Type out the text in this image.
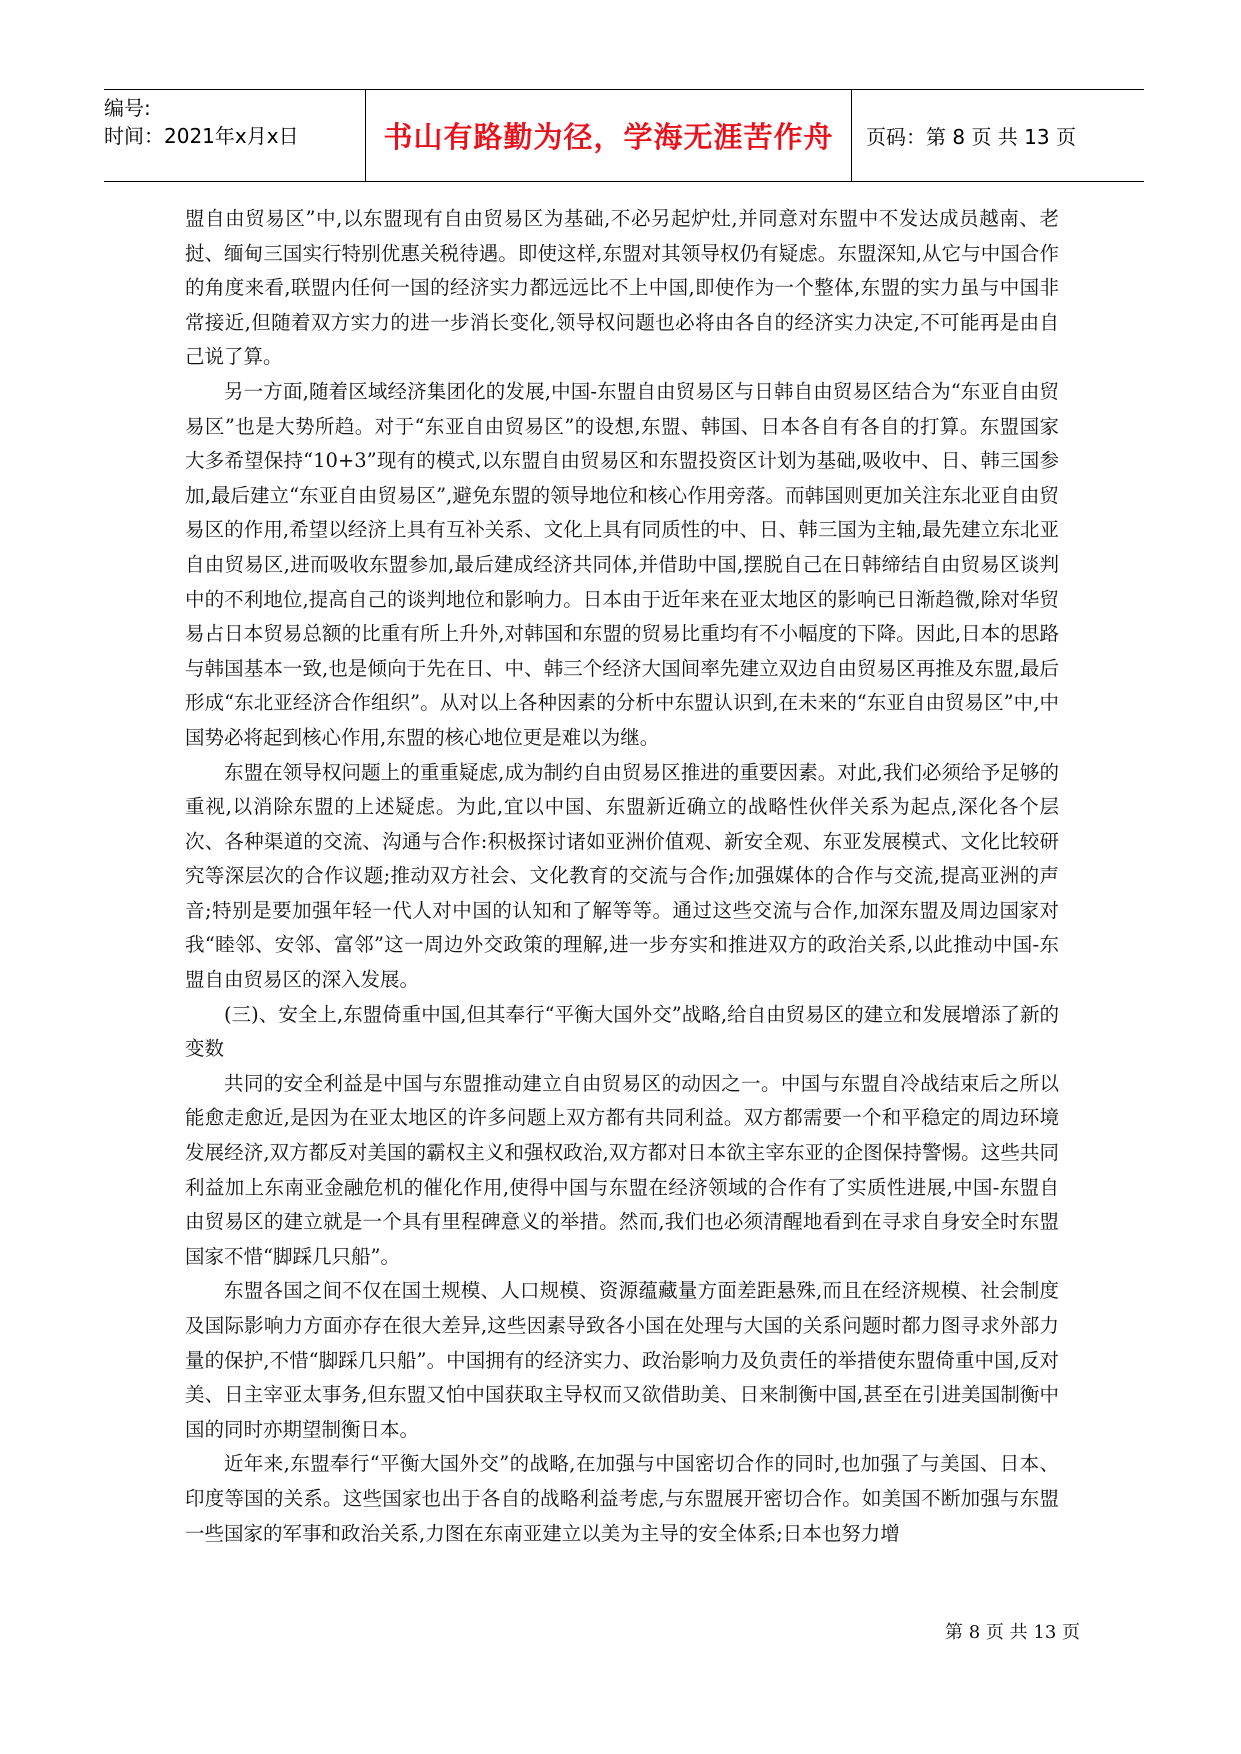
编号:
时间：2021年x月x日	书山有路勤为径，学海无涯苦作舟	页码：第 8 页 共 13 页

盟自由贸易区”中,以东盟现有自由贸易区为基础,不必另起炉灶,并同意对东盟中不发达成员越南、老挝、缅甸三国实行特别优惠关税待遇。即使这样,东盟对其领导权仍有疑虑。东盟深知,从它与中国合作的角度来看,联盟内任何一国的经济实力都远远比不上中国,即使作为一个整体,东盟的实力虽与中国非常接近,但随着双方实力的进一步消长变化,领导权问题也必将由各自的经济实力决定,不可能再是由自己说了算。

另一方面,随着区域经济集团化的发展,中国-东盟自由贸易区与日韩自由贸易区结合为“东亚自由贸易区”也是大势所趋。对于“东亚自由贸易区”的设想,东盟、韩国、日本各自有各自的打算。东盟国家大多希望保持“10+3”现有的模式,以东盟自由贸易区和东盟投资区计划为基础,吸收中、日、韩三国参加,最后建立“东亚自由贸易区”,避免东盟的领导地位和核心作用旁落。而韩国则更加关注东北亚自由贸易区的作用,希望以经济上具有互补关系、文化上具有同质性的中、日、韩三国为主轴,最先建立东北亚自由贸易区,进而吸收东盟参加,最后建成经济共同体,并借助中国,摆脱自己在日韩缔结自由贸易区谈判中的不利地位,提高自己的谈判地位和影响力。日本由于近年来在亚太地区的影响已日渐趋微,除对华贸易占日本贸易总额的比重有所上升外,对韩国和东盟的贸易比重均有不小幅度的下降。因此,日本的思路与韩国基本一致,也是倾向于先在日、中、韩三个经济大国间率先建立双边自由贸易区再推及东盟,最后形成“东北亚经济合作组织”。从对以上各种因素的分析中东盟认识到,在未来的“东亚自由贸易区”中,中国势必将起到核心作用,东盟的核心地位更是难以为继。

东盟在领导权问题上的重重疑虑,成为制约自由贸易区推进的重要因素。对此,我们必须给予足够的重视,以消除东盟的上述疑虑。为此,宜以中国、东盟新近确立的战略性伙伴关系为起点,深化各个层次、各种渠道的交流、沟通与合作:积极探讨诸如亚洲价值观、新安全观、东亚发展模式、文化比较研究等深层次的合作议题;推动双方社会、文化教育的交流与合作;加强媒体的合作与交流,提高亚洲的声音;特别是要加强年轻一代人对中国的认知和了解等等。通过这些交流与合作,加深东盟及周边国家对我“睦邻、安邻、富邻”这一周边外交政策的理解,进一步夯实和推进双方的政治关系,以此推动中国-东盟自由贸易区的深入发展。

(三)、安全上,东盟倚重中国,但其奉行“平衡大国外交”战略,给自由贸易区的建立和发展增添了新的变数

共同的安全利益是中国与东盟推动建立自由贸易区的动因之一。中国与东盟自冷战结束后之所以能愈走愈近,是因为在亚太地区的许多问题上双方都有共同利益。双方都需要一个和平稳定的周边环境发展经济,双方都反对美国的霸权主义和强权政治,双方都对日本欲主宰东亚的企图保持警惕。这些共同利益加上东南亚金融危机的催化作用,使得中国与东盟在经济领域的合作有了实质性进展,中国-东盟自由贸易区的建立就是一个具有里程碑意义的举措。然而,我们也必须清醒地看到在寻求自身安全时东盟国家不惜“脚踩几只船”。

东盟各国之间不仅在国土规模、人口规模、资源蕴藏量方面差距悬殊,而且在经济规模、社会制度及国际影响力方面亦存在很大差异,这些因素导致各小国在处理与大国的关系问题时都力图寻求外部力量的保护,不惜“脚踩几只船”。中国拥有的经济实力、政治影响力及负责任的举措使东盟倚重中国,反对美、日主宰亚太事务,但东盟又怕中国获取主导权而又欲借助美、日来制衡中国,甚至在引进美国制衡中国的同时亦期望制衡日本。

近年来,东盟奉行“平衡大国外交”的战略,在加强与中国密切合作的同时,也加强了与美国、日本、印度等国的关系。这些国家也出于各自的战略利益考虑,与东盟展开密切合作。如美国不断加强与东盟一些国家的军事和政治关系,力图在东南亚建立以美为主导的安全体系;日本也努力增

第 8 页 共 13 页
